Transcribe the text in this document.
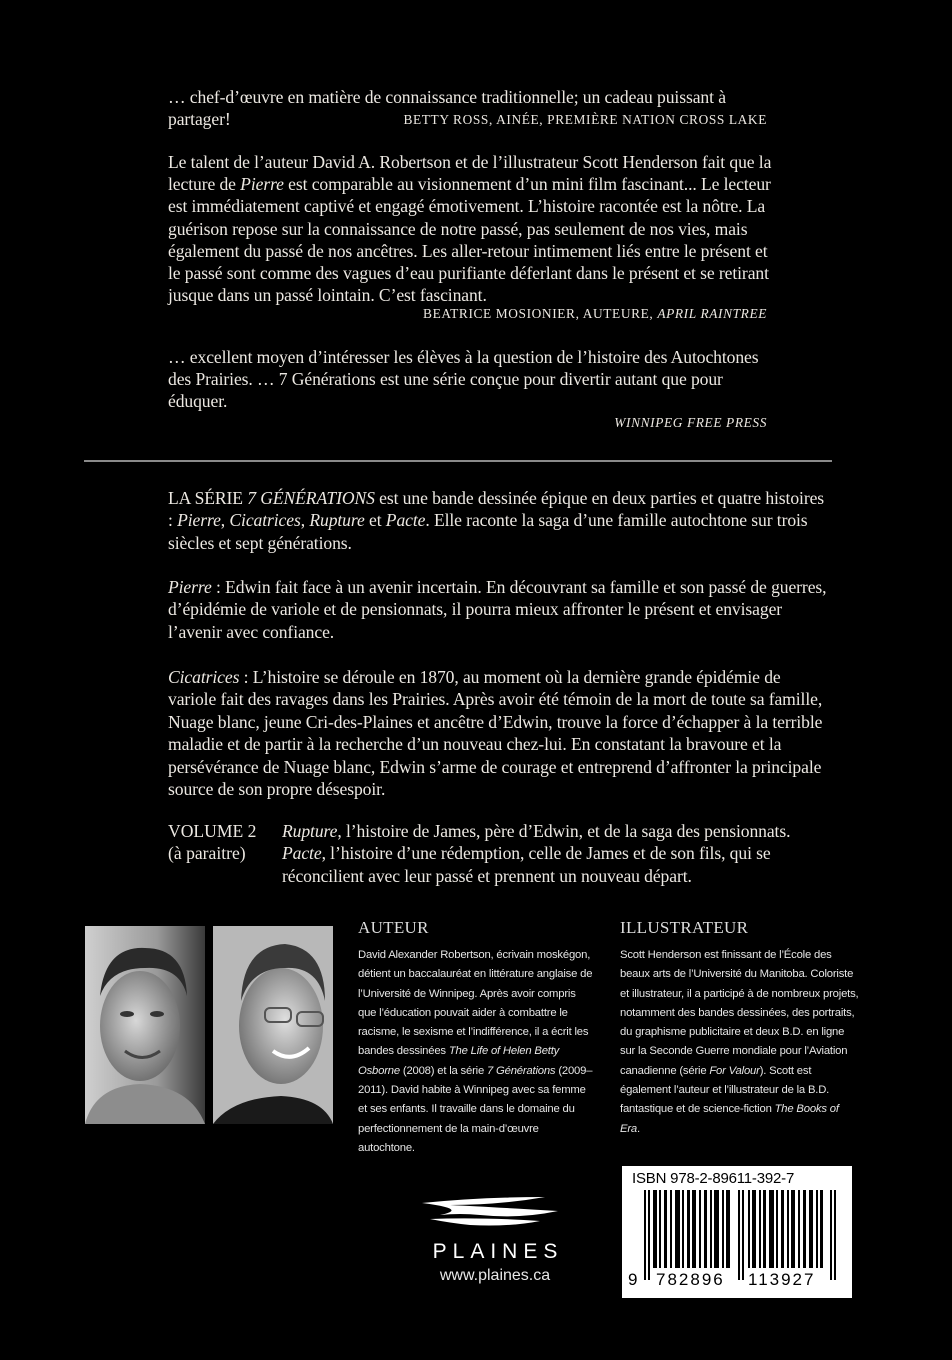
… chef-d’œuvre en matière de connaissance traditionnelle; un cadeau puissant à partager!	BETTY ROSS, AINÉE, PREMIÈRE NATION CROSS LAKE
Le talent de l’auteur David A. Robertson et de l’illustrateur Scott Henderson fait que la lecture de Pierre est comparable au visionnement d’un mini film fascinant... Le lecteur est immédiatement captivé et engagé émotivement. L’histoire racontée est la nôtre. La guérison repose sur la connaissance de notre passé, pas seulement de nos vies, mais également du passé de nos ancêtres. Les aller-retour intimement liés entre le présent et le passé sont comme des vagues d’eau purifiante déferlant dans le présent et se retirant jusque dans un passé lointain. C’est fascinant.
BEATRICE MOSIONIER, AUTEURE, APRIL RAINTREE
… excellent moyen d’intéresser les élèves à la question de l’histoire des Autochtones des Prairies. … 7 Générations est une série conçue pour divertir autant que pour éduquer.
WINNIPEG FREE PRESS
LA SÉRIE 7 GÉNÉRATIONS est une bande dessinée épique en deux parties et quatre histoires : Pierre, Cicatrices, Rupture et Pacte. Elle raconte la saga d’une famille autochtone sur trois siècles et sept générations.
Pierre : Edwin fait face à un avenir incertain. En découvrant sa famille et son passé de guerres, d’épidémie de variole et de pensionnats, il pourra mieux affronter le présent et envisager l’avenir avec confiance.
Cicatrices : L’histoire se déroule en 1870, au moment où la dernière grande épidémie de variole fait des ravages dans les Prairies. Après avoir été témoin de la mort de toute sa famille, Nuage blanc, jeune Cri-des-Plaines et ancêtre d’Edwin, trouve la force d’échapper à la terrible maladie et de partir à la recherche d’un nouveau chez-lui. En constatant la bravoure et la persévérance de Nuage blanc, Edwin s’arme de courage et entreprend d’affronter la principale source de son propre désespoir.
VOLUME 2
(à paraitre)
Rupture, l’histoire de James, père d’Edwin, et de la saga des pensionnats.
Pacte, l’histoire d’une rédemption, celle de James et de son fils, qui se réconcilient avec leur passé et prennent un nouveau départ.
AUTEUR
David Alexander Robertson, écrivain moskégon, détient un baccalauréat en littérature anglaise de l’Université de Winnipeg. Après avoir compris que l’éducation pouvait aider à combattre le racisme, le sexisme et l’indifférence, il a écrit les bandes dessinées The Life of Helen Betty Osborne (2008) et la série 7 Générations (2009–2011). David habite à Winnipeg avec sa femme et ses enfants. Il travaille dans le domaine du perfectionnement de la main-d’œuvre autochtone.
ILLUSTRATEUR
Scott Henderson est finissant de l’École des beaux arts de l’Université du Manitoba. Coloriste et illustrateur, il a participé à de nombreux projets, notamment des bandes dessinées, des portraits, du graphisme publicitaire et deux B.D. en ligne sur la Seconde Guerre mondiale pour l’Aviation canadienne (série For Valour). Scott est également l’auteur et l’illustrateur de la B.D. fantastique et de science-fiction The Books of Era.
PLAINES
www.plaines.ca
ISBN 978-2-89611-392-7
9 782896 113927
